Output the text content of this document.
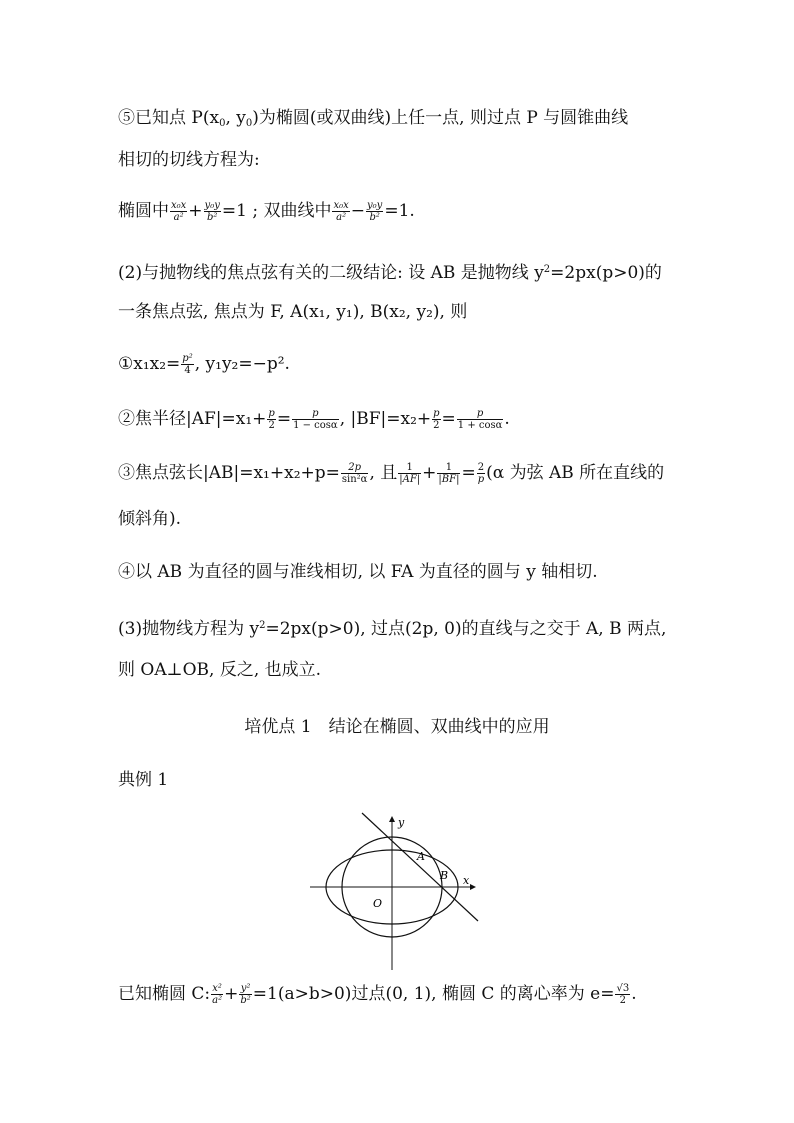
⑤已知点 $P(x_0$, $y_0$)为椭圆(或双曲线)上任一点, 则过点 P 与圆锥曲线
相切的切线方程为:
椭圆中 $\frac{\text{x₀x}}{\text{a²}} + \frac{\text{y₀y}}{\text{b²}} =1$ ; 双曲线中 $\frac{\text{x₀x}}{\text{a²}} - \frac{\text{y₀y}}{\text{b²}} =1$.
(2)与抛物线的焦点弦有关的二级结论: 设 AB 是抛物线 $y^2=2px(p>0)$的
一条焦点弦, 焦点为 F, A(x₁, y₁), B(x₂, y₂), 则
①x₁x₂= $\frac{\text{p²}}{4}$ , y₁y₂=−p².
②焦半径$|AF|=x_1+ \frac{p}{2} = \frac{p}{1 - \cos\alpha}$ , $|BF|=x_2+ \frac{p}{2} = \frac{p}{1 + \cos\alpha}$ .
③焦点弦长$|AB|=x_1+x_2+p= \frac{2p}{\text{sin²α}}$ , 且 $\frac{1}{|AF|} + \frac{1}{|BF|} = \frac{2}{p} (\alpha$ 为弦 AB 所在直线的
倾斜角).
④以 AB 为直径的圆与准线相切, 以 FA 为直径的圆与 y 轴相切.
(3)抛物线方程为 $y^2=2px(p>0)$, 过点(2p, 0)的直线与之交于 A, B 两点,
则 OA⊥OB, 反之, 也成立.
培优点 1　结论在椭圆、双曲线中的应用
典例 1
y
x
O
A
B
已知椭圆 C: $\frac{\text{x²}}{\text{a²}} + \frac{\text{y²}}{\text{b²}} =1(a>b>0)$过点(0, 1), 椭圆 C 的离心率为 $e= \frac{√3}{2}$ .
